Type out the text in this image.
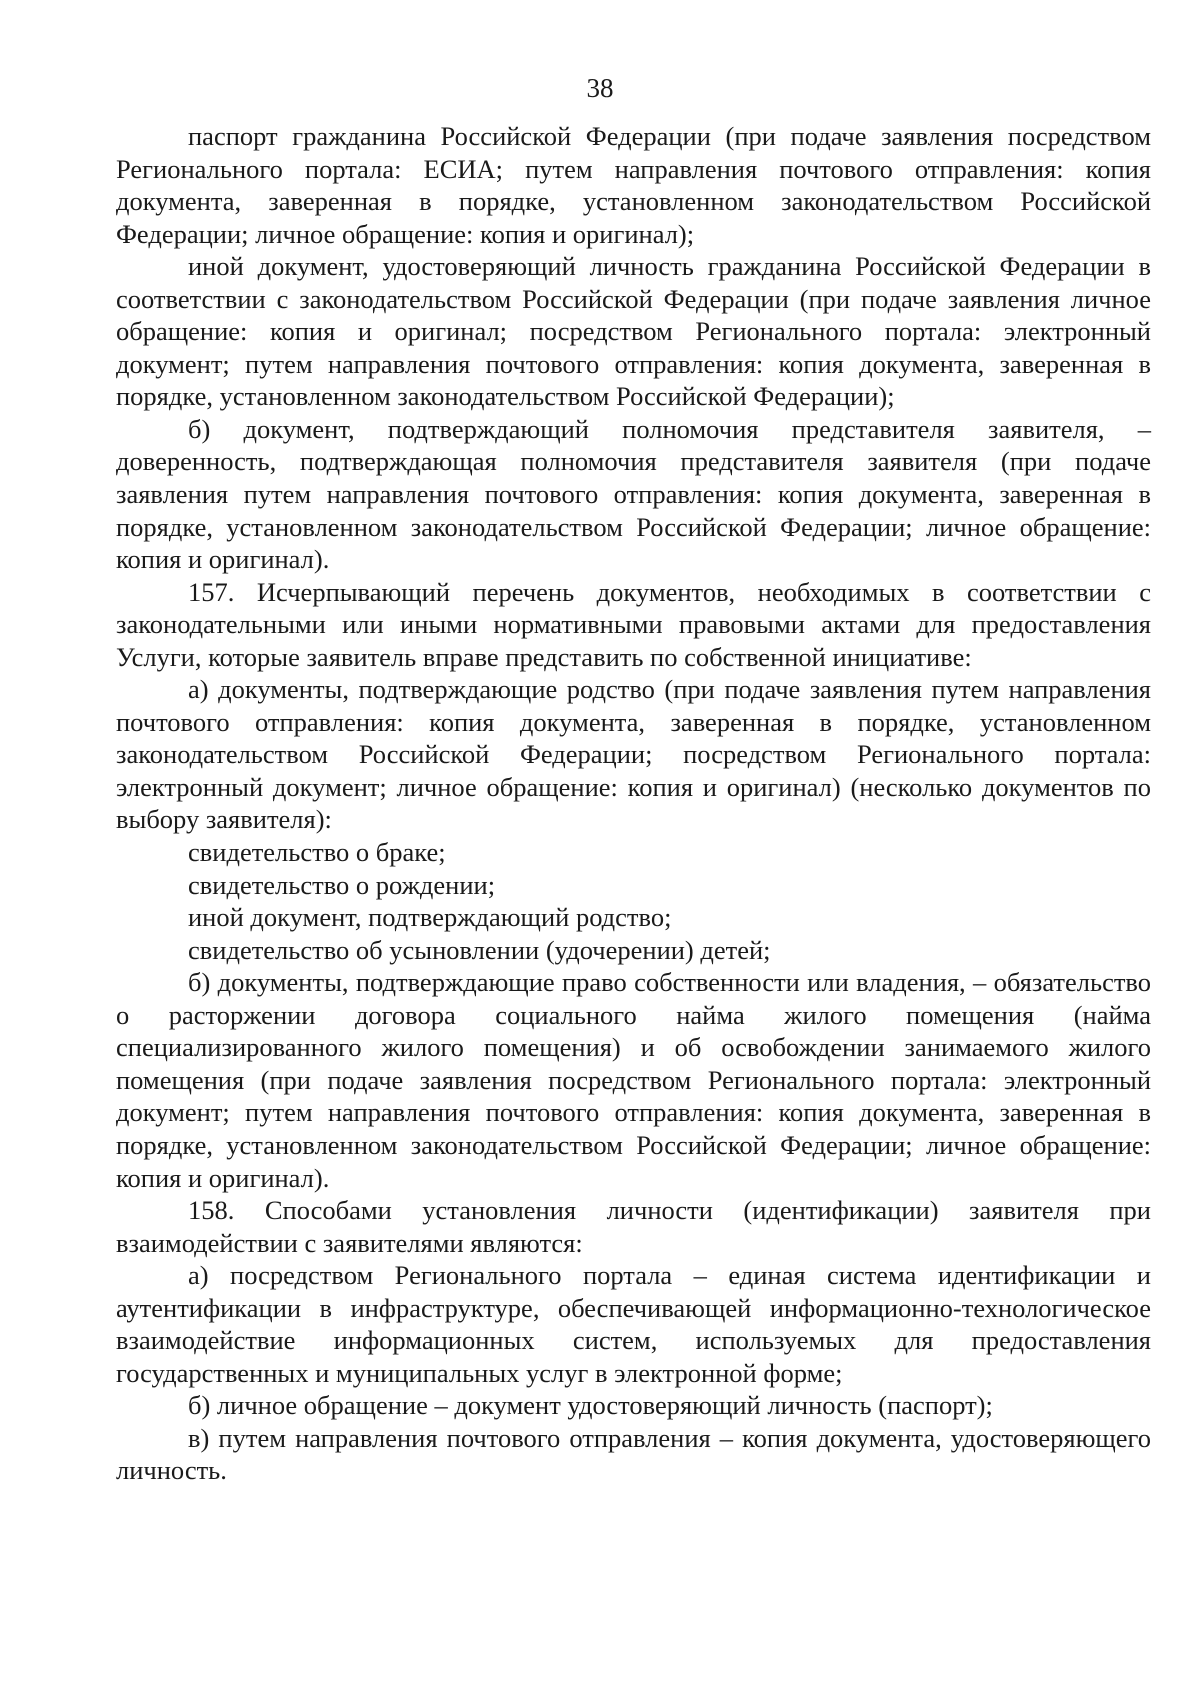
38

паспорт гражданина Российской Федерации (при подаче заявления посредством Регионального портала: ЕСИА; путем направления почтового отправления: копия документа, заверенная в порядке, установленном законодательством Российской Федерации; личное обращение: копия и оригинал);

иной документ, удостоверяющий личность гражданина Российской Федерации в соответствии с законодательством Российской Федерации (при подаче заявления личное обращение: копия и оригинал; посредством Регионального портала: электронный документ; путем направления почтового отправления: копия документа, заверенная в порядке, установленном законодательством Российской Федерации);

б) документ, подтверждающий полномочия представителя заявителя, – доверенность, подтверждающая полномочия представителя заявителя (при подаче заявления путем направления почтового отправления: копия документа, заверенная в порядке, установленном законодательством Российской Федерации; личное обращение: копия и оригинал).

157. Исчерпывающий перечень документов, необходимых в соответствии с законодательными или иными нормативными правовыми актами для предоставления Услуги, которые заявитель вправе представить по собственной инициативе:

а) документы, подтверждающие родство (при подаче заявления путем направления почтового отправления: копия документа, заверенная в порядке, установленном законодательством Российской Федерации; посредством Регионального портала: электронный документ; личное обращение: копия и оригинал) (несколько документов по выбору заявителя):

свидетельство о браке;

свидетельство о рождении;

иной документ, подтверждающий родство;

свидетельство об усыновлении (удочерении) детей;

б) документы, подтверждающие право собственности или владения, – обязательство о расторжении договора социального найма жилого помещения (найма специализированного жилого помещения) и об освобождении занимаемого жилого помещения (при подаче заявления посредством Регионального портала: электронный документ; путем направления почтового отправления: копия документа, заверенная в порядке, установленном законодательством Российской Федерации; личное обращение: копия и оригинал).

158. Способами установления личности (идентификации) заявителя при взаимодействии с заявителями являются:

а) посредством Регионального портала – единая система идентификации и аутентификации в инфраструктуре, обеспечивающей информационно-технологическое взаимодействие информационных систем, используемых для предоставления государственных и муниципальных услуг в электронной форме;

б) личное обращение – документ удостоверяющий личность (паспорт);

в) путем направления почтового отправления – копия документа, удостоверяющего личность.
